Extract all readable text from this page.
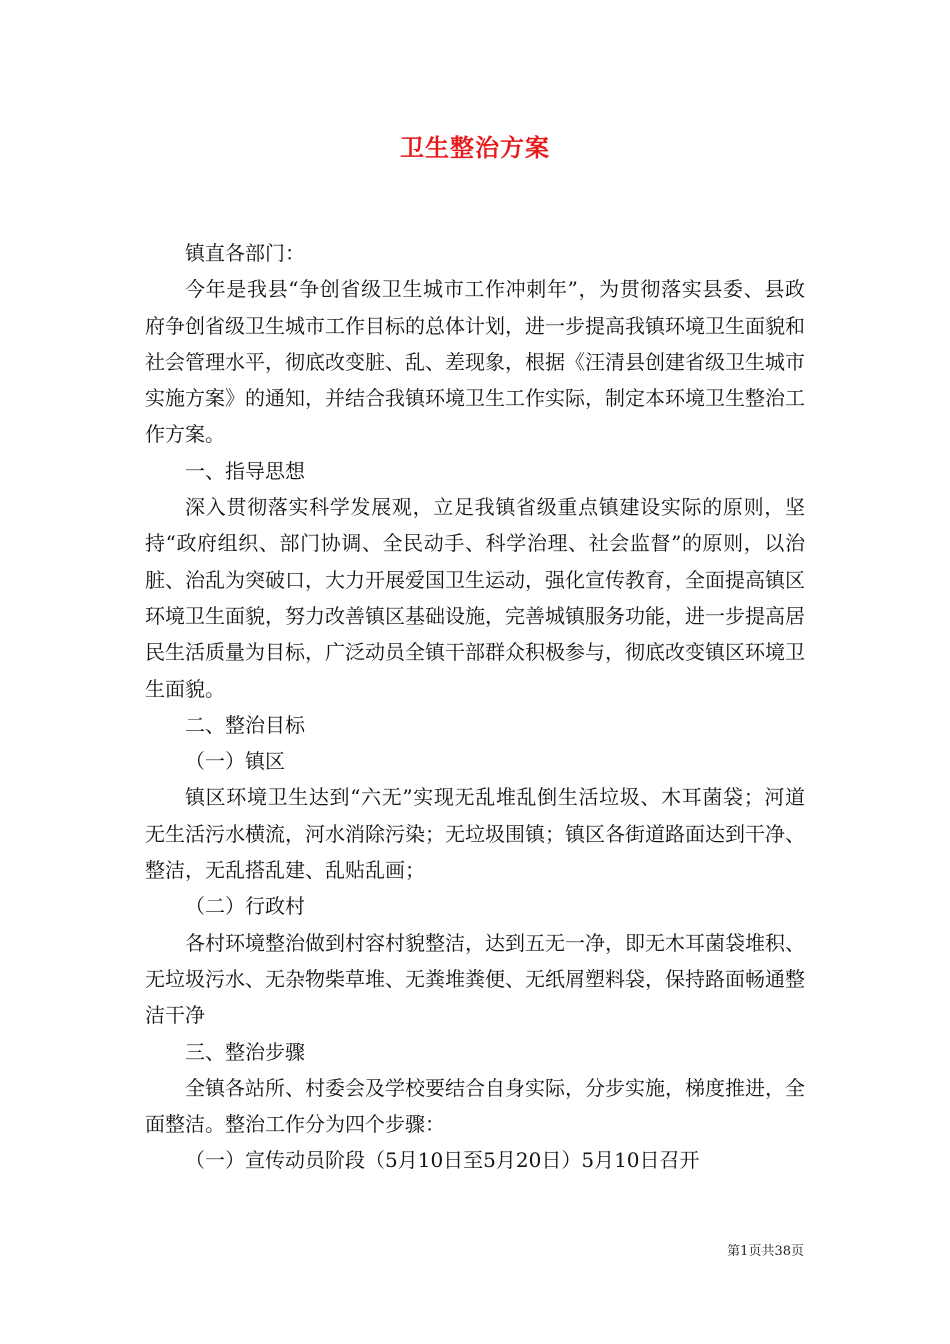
卫生整治方案

镇直各部门：

今年是我县“争创省级卫生城市工作冲刺年”，为贯彻落实县委、县政府争创省级卫生城市工作目标的总体计划，进一步提高我镇环境卫生面貌和社会管理水平，彻底改变脏、乱、差现象，根据《汪清县创建省级卫生城市实施方案》的通知，并结合我镇环境卫生工作实际，制定本环境卫生整治工作方案。

一、指导思想

深入贯彻落实科学发展观，立足我镇省级重点镇建设实际的原则，坚持“政府组织、部门协调、全民动手、科学治理、社会监督”的原则，以治脏、治乱为突破口，大力开展爱国卫生运动，强化宣传教育，全面提高镇区环境卫生面貌，努力改善镇区基础设施，完善城镇服务功能，进一步提高居民生活质量为目标，广泛动员全镇干部群众积极参与，彻底改变镇区环境卫生面貌。

二、整治目标

（一）镇区

镇区环境卫生达到“六无”实现无乱堆乱倒生活垃圾、木耳菌袋；河道无生活污水横流，河水消除污染；无垃圾围镇；镇区各街道路面达到干净、整洁，无乱搭乱建、乱贴乱画；

（二）行政村

各村环境整治做到村容村貌整洁，达到五无一净，即无木耳菌袋堆积、无垃圾污水、无杂物柴草堆、无粪堆粪便、无纸屑塑料袋，保持路面畅通整洁干净

三、整治步骤

全镇各站所、村委会及学校要结合自身实际，分步实施，梯度推进，全面整洁。整治工作分为四个步骤：

（一）宣传动员阶段（5月10日至5月20日）5月10日召开

第1页共38页
